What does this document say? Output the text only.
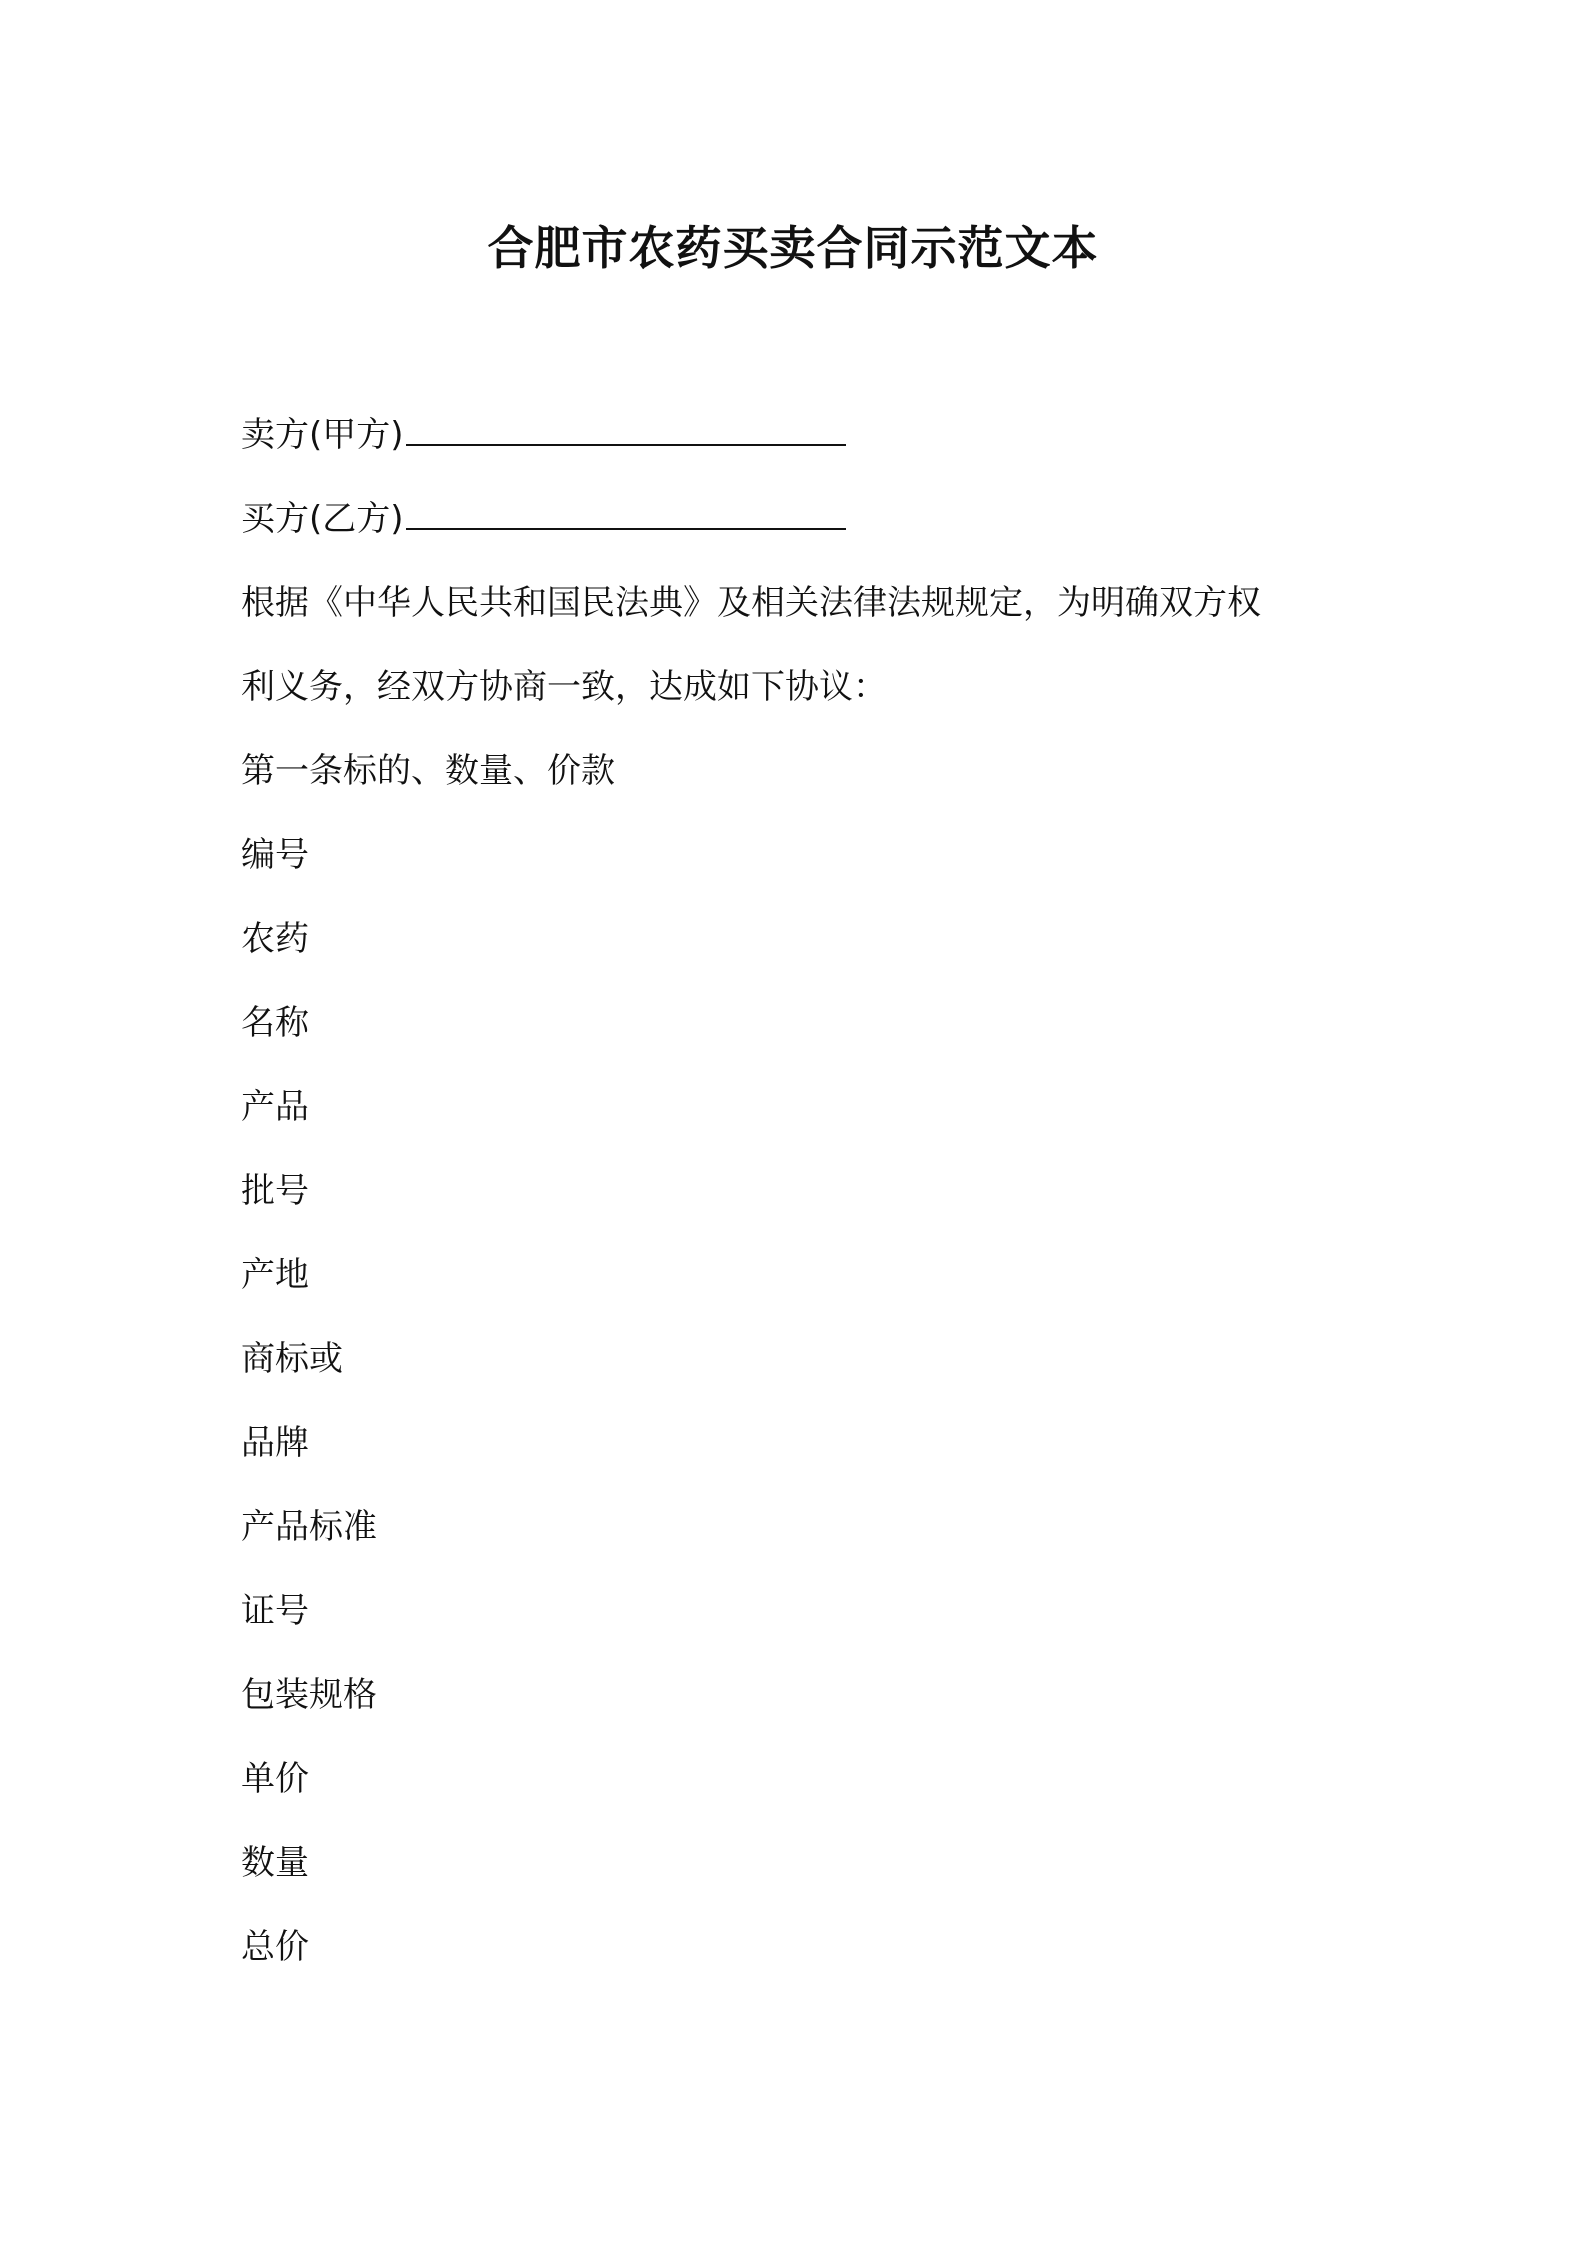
合肥市农药买卖合同示范文本
卖方(甲方)
买方(乙方)
根据《中华人民共和国民法典》及相关法律法规规定，为明确双方权
利义务，经双方协商一致，达成如下协议：
第一条标的、数量、价款
编号
农药
名称
产品
批号
产地
商标或
品牌
产品标准
证号
包装规格
单价
数量
总价
